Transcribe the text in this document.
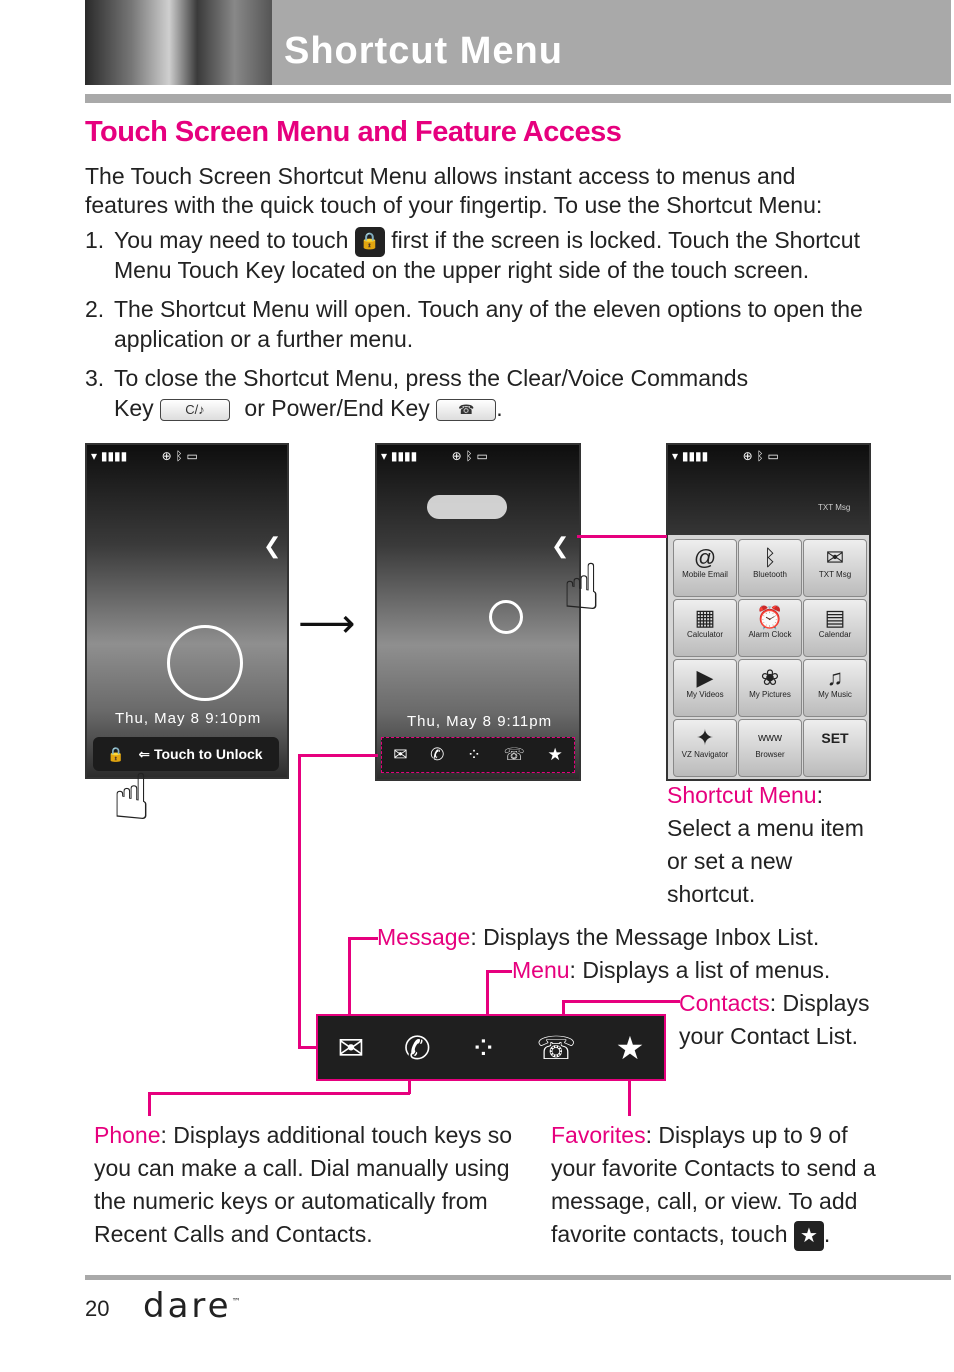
Shortcut Menu
Touch Screen Menu and Feature Access
The Touch Screen Shortcut Menu allows instant access to menus and
features with the quick touch of your fingertip. To use the Shortcut Menu:
1. You may need to touch 🔒 first if the screen is locked. Touch the Shortcut
Menu Touch Key located on the upper right side of the touch screen.
2. The Shortcut Menu will open. Touch any of the eleven options to open the
application or a further menu.
3. To close the Shortcut Menu, press the Clear/Voice Commands
Key C/♪ or Power/End Key ☎ .
▾ ▮▮▮▮         ⊕ ᛒ ▭
❮
Thu, May 8 9:10pm
🔒 ⇐ Touch to Unlock
☝
⟶
▾ ▮▮▮▮         ⊕ ᛒ ▭
❮
Thu, May 8 9:11pm
✉ ✆ ⁘ ☏ ★
☝
▾ ▮▮▮▮         ⊕ ᛒ ▭
TXT Msg
@
Mobile Email
ᛒ
Bluetooth
✉
TXT Msg
▦
Calculator
⏰
Alarm Clock
▤
Calendar
▶
My Videos
❀
My Pictures
♫
My Music
✦
VZ Navigator
www
Browser
SET
Shortcut Menu:
Select a menu item
or set a new
shortcut.
Message: Displays the Message Inbox List.
Menu: Displays a list of menus.
Contacts: Displays
your Contact List.
✉ ✆ ⁘ ☏ ★
Phone: Displays additional touch keys so
you can make a call. Dial manually using
the numeric keys or automatically from
Recent Calls and Contacts.
Favorites: Displays up to 9 of
your favorite Contacts to send a
message, call, or view. To add
favorite contacts, touch ★ .
20 dare™
